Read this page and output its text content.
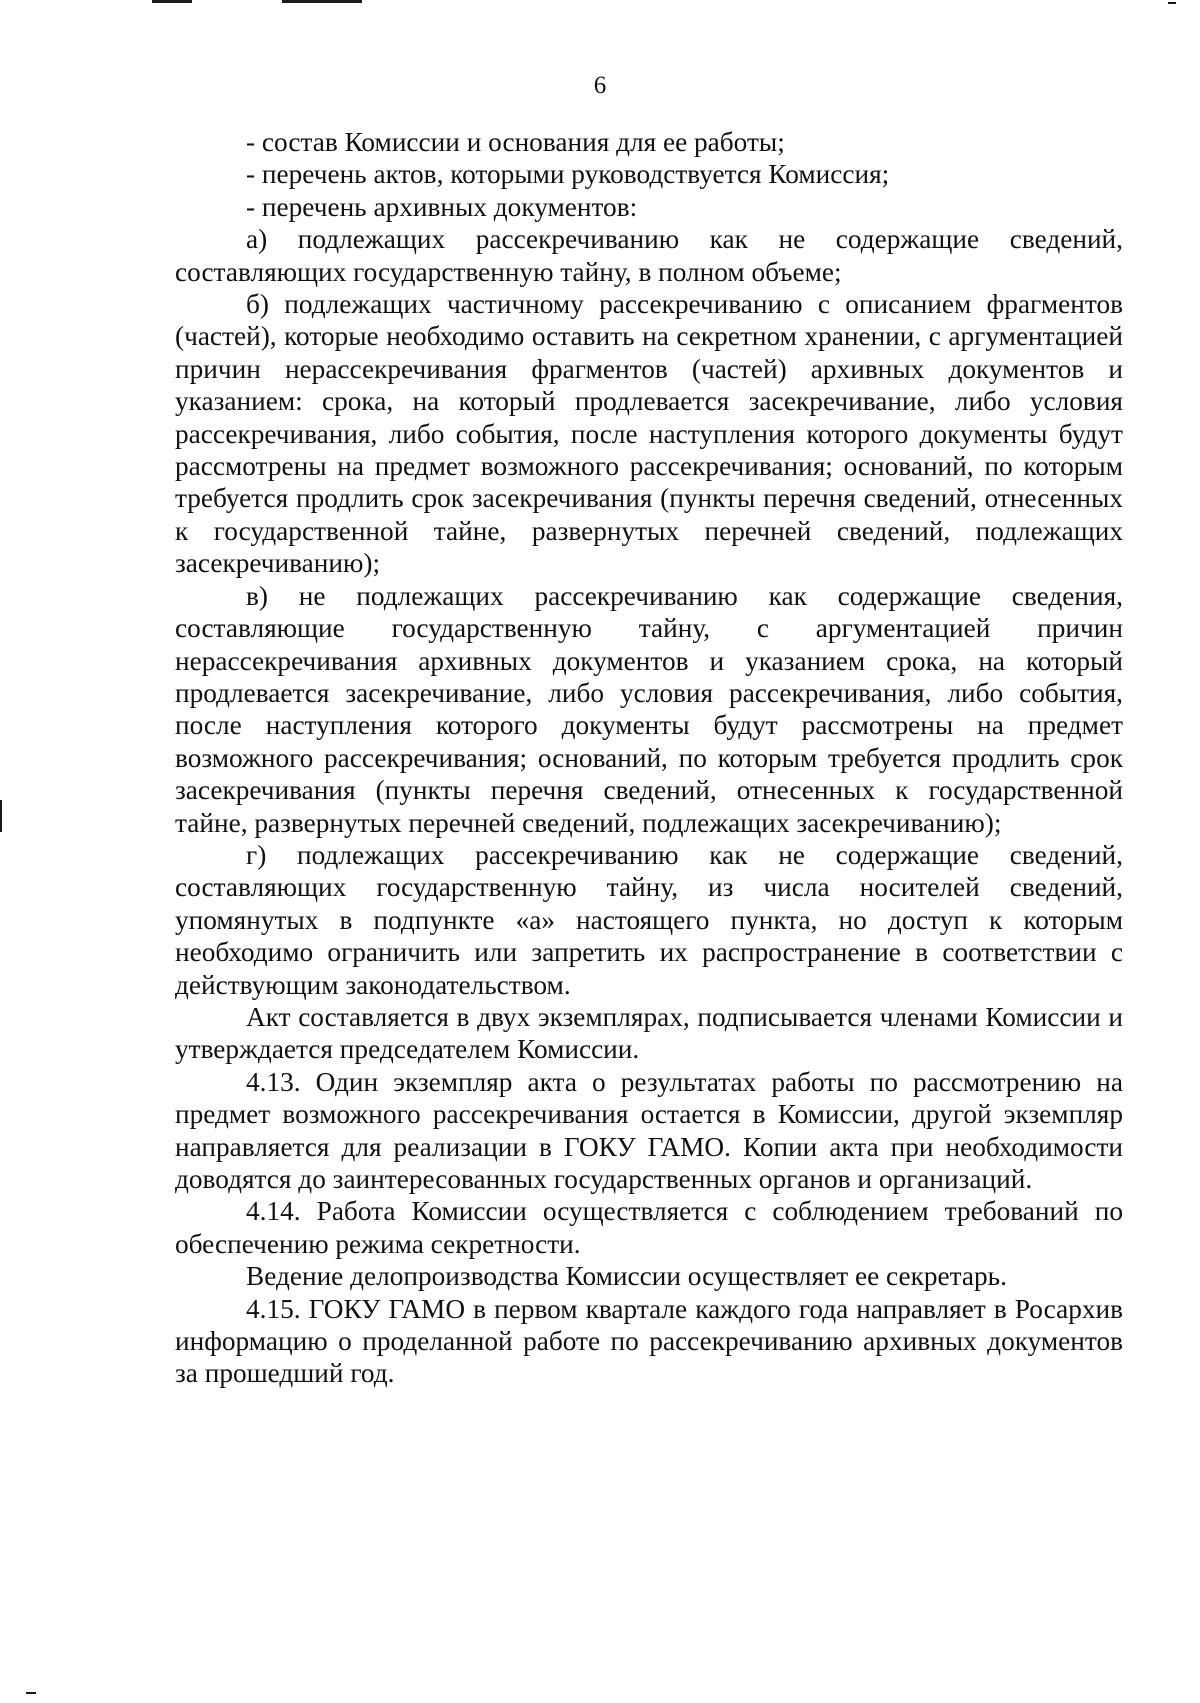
6

- состав Комиссии и основания для ее работы;

- перечень актов, которыми руководствуется Комиссия;

- перечень архивных документов:

а) подлежащих рассекречиванию как не содержащие сведений, составляющих государственную тайну, в полном объеме;

б) подлежащих частичному рассекречиванию с описанием фрагментов (частей), которые необходимо оставить на секретном хранении, с аргументацией причин нерассекречивания фрагментов (частей) архивных документов и указанием: срока, на который продлевается засекречивание, либо условия рассекречивания, либо события, после наступления которого документы будут рассмотрены на предмет возможного рассекречивания; оснований, по которым требуется продлить срок засекречивания (пункты перечня сведений, отнесенных к государственной тайне, развернутых перечней сведений, подлежащих засекречиванию);

в) не подлежащих рассекречиванию как содержащие сведения, составляющие государственную тайну, с аргументацией причин нерассекречивания архивных документов и указанием срока, на который продлевается засекречивание, либо условия рассекречивания, либо события, после наступления которого документы будут рассмотрены на предмет возможного рассекречивания; оснований, по которым требуется продлить срок засекречивания (пункты перечня сведений, отнесенных к государственной тайне, развернутых перечней сведений, подлежащих засекречиванию);

г) подлежащих рассекречиванию как не содержащие сведений, составляющих государственную тайну, из числа носителей сведений, упомянутых в подпункте «а» настоящего пункта, но доступ к которым необходимо ограничить или запретить их распространение в соответствии с действующим законодательством.

Акт составляется в двух экземплярах, подписывается членами Комиссии и утверждается председателем Комиссии.

4.13. Один экземпляр акта о результатах работы по рассмотрению на предмет возможного рассекречивания остается в Комиссии, другой экземпляр направляется для реализации в ГОКУ ГАМО. Копии акта при необходимости доводятся до заинтересованных государственных органов и организаций.

4.14. Работа Комиссии осуществляется с соблюдением требований по обеспечению режима секретности.

Ведение делопроизводства Комиссии осуществляет ее секретарь.

4.15. ГОКУ ГАМО в первом квартале каждого года направляет в Росархив информацию о проделанной работе по рассекречиванию архивных документов за прошедший год.
